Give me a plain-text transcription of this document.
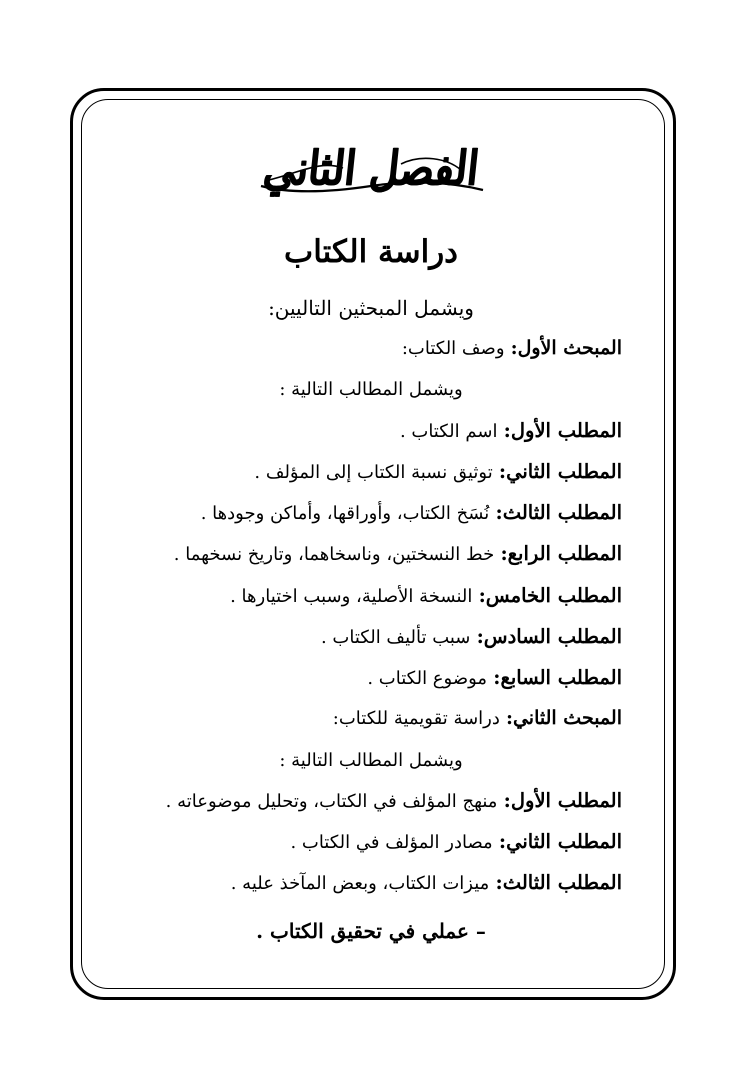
الفصل الثاني
دراسة الكتاب
ويشمل المبحثين التاليين:
المبحث الأول: وصف الكتاب:
ويشمل المطالب التالية :
المطلب الأول: اسم الكتاب .
المطلب الثاني: توثيق نسبة الكتاب إلى المؤلف .
المطلب الثالث: نُسَخ الكتاب، وأوراقها، وأماكن وجودها .
المطلب الرابع: خط النسختين، وناسخاهما، وتاريخ نسخهما .
المطلب الخامس: النسخة الأصلية، وسبب اختيارها .
المطلب السادس: سبب تأليف الكتاب .
المطلب السابع: موضوع الكتاب .
المبحث الثاني: دراسة تقويمية للكتاب:
ويشمل المطالب التالية :
المطلب الأول: منهج المؤلف في الكتاب، وتحليل موضوعاته .
المطلب الثاني: مصادر المؤلف في الكتاب .
المطلب الثالث: ميزات الكتاب، وبعض المآخذ عليه .
– عملي في تحقيق الكتاب .
